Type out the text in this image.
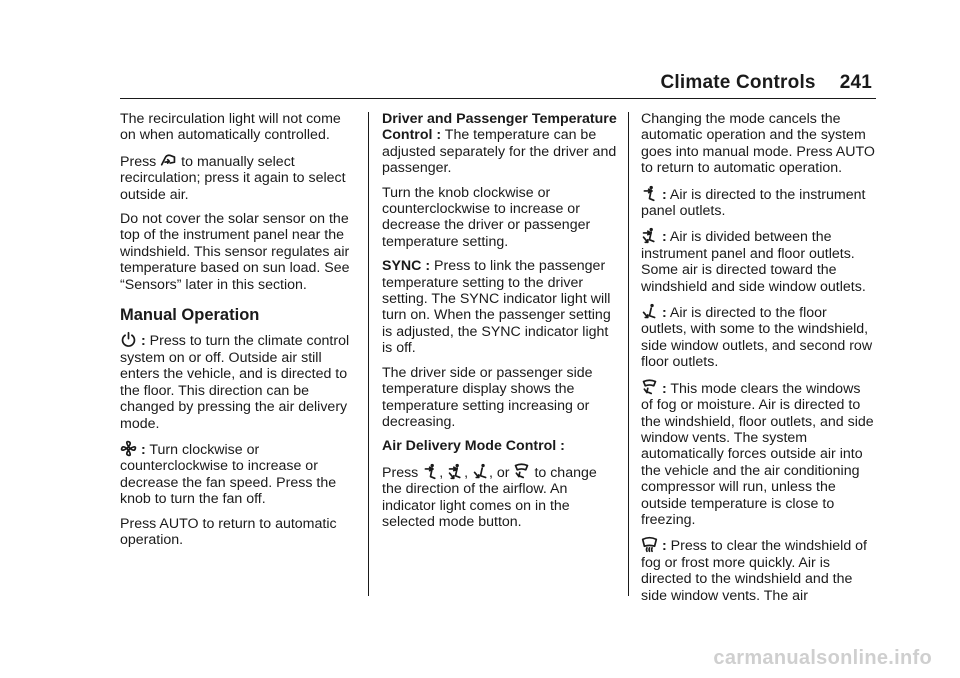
Climate Controls 241

The recirculation light will not come on when automatically controlled.

Press to manually select recirculation; press it again to select outside air.

Do not cover the solar sensor on the top of the instrument panel near the windshield. This sensor regulates air temperature based on sun load. See “Sensors” later in this section.

Manual Operation

: Press to turn the climate control system on or off. Outside air still enters the vehicle, and is directed to the floor. This direction can be changed by pressing the air delivery mode.

: Turn clockwise or counterclockwise to increase or decrease the fan speed. Press the knob to turn the fan off.

Press AUTO to return to automatic operation.

Driver and Passenger Temperature Control : The temperature can be adjusted separately for the driver and passenger.

Turn the knob clockwise or counterclockwise to increase or decrease the driver or passenger temperature setting.

SYNC : Press to link the passenger temperature setting to the driver setting. The SYNC indicator light will turn on. When the passenger setting is adjusted, the SYNC indicator light is off.

The driver side or passenger side temperature display shows the temperature setting increasing or decreasing.

Air Delivery Mode Control :

Press , , , or to change the direction of the airflow. An indicator light comes on in the selected mode button.

Changing the mode cancels the automatic operation and the system goes into manual mode. Press AUTO to return to automatic operation.

: Air is directed to the instrument panel outlets.

: Air is divided between the instrument panel and floor outlets. Some air is directed toward the windshield and side window outlets.

: Air is directed to the floor outlets, with some to the windshield, side window outlets, and second row floor outlets.

: This mode clears the windows of fog or moisture. Air is directed to the windshield, floor outlets, and side window vents. The system automatically forces outside air into the vehicle and the air conditioning compressor will run, unless the outside temperature is close to freezing.

: Press to clear the windshield of fog or frost more quickly. Air is directed to the windshield and the side window vents. The air

carmanualsonline.info
